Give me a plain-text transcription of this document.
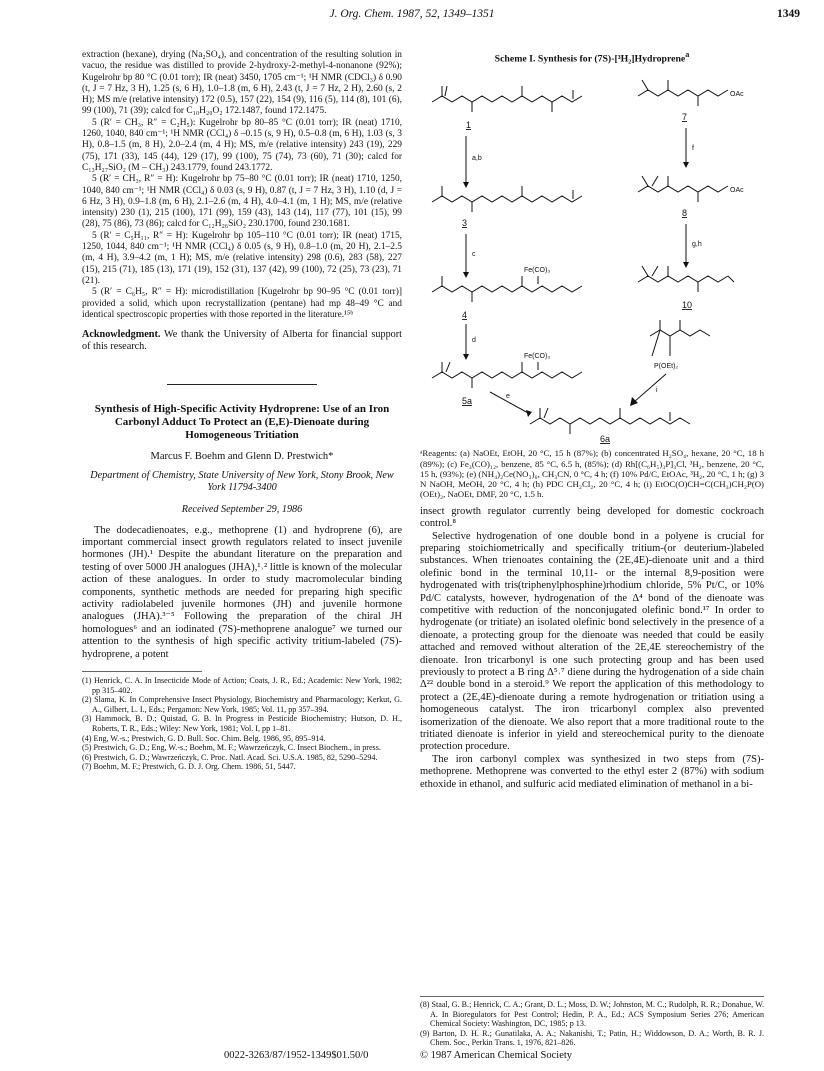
J. Org. Chem. 1987, 52, 1349–1351	1349
extraction (hexane), drying (Na₂SO₄), and concentration of the resulting solution in vacuo, the residue was distilled to provide 2-hydroxy-2-methyl-4-nonanone (92%); Kugelrohr bp 80 °C (0.01 torr); IR (neat) 3450, 1705 cm⁻¹; ¹H NMR (CDCl₃) δ 0.90 (t, J = 7 Hz, 3 H), 1.25 (s, 6 H), 1.0–1.8 (m, 6 H), 2.43 (t, J = 7 Hz, 2 H), 2.60 (s, 2 H); MS m/e (relative intensity) 172 (0.5), 157 (22), 154 (9), 116 (5), 114 (8), 101 (6), 99 (100), 71 (39); calcd for C₁₀H₂₀O₂ 172.1487, found 172.1475.
5 (R′ = CH₃, R″ = C₂H₅): Kugelrohr bp 80–85 °C (0.01 torr); IR (neat) 1710, 1260, 1040, 840 cm⁻¹; ¹H NMR (CCl₄) δ –0.15 (s, 9 H), 0.5–0.8 (m, 6 H), 1.03 (s, 3 H), 0.8–1.5 (m, 8 H), 2.0–2.4 (m, 4 H); MS, m/e (relative intensity) 243 (19), 229 (75), 171 (33), 145 (44), 129 (17), 99 (100), 75 (74), 73 (60), 71 (30); calcd for C₁₃H₂₇SiO₂ (M – CH₃) 243.1779, found 243.1772.
5 (R′ = CH₃, R″ = H): Kugelrohr bp 75–80 °C (0.01 torr); IR (neat) 1710, 1250, 1040, 840 cm⁻¹; ¹H NMR (CCl₄) δ 0.03 (s, 9 H), 0.87 (t, J = 7 Hz, 3 H), 1.10 (d, J = 6 Hz, 3 H), 0.9–1.8 (m, 6 H), 2.1–2.6 (m, 4 H), 4.0–4.1 (m, 1 H); MS, m/e (relative intensity) 230 (1), 215 (100), 171 (99), 159 (43), 143 (14), 117 (77), 101 (15), 99 (28), 75 (86), 73 (86); calcd for C₁₂H₂₆SiO₂ 230.1700, found 230.1681.
5 (R′ = C₅H₁₁, R″ = H): Kugelrohr bp 105–110 °C (0.01 torr); IR (neat) 1715, 1250, 1044, 840 cm⁻¹; ¹H NMR (CCl₄) δ 0.05 (s, 9 H), 0.8–1.0 (m, 20 H), 2.1–2.5 (m, 4 H), 3.9–4.2 (m, 1 H); MS, m/e (relative intensity) 298 (0.6), 283 (58), 227 (15), 215 (71), 185 (13), 171 (19), 152 (31), 137 (42), 99 (100), 72 (25), 73 (23), 71 (21).
5 (R′ = C₆H₅, R″ = H): microdistillation [Kugelrohr bp 90–95 °C (0.01 torr)] provided a solid, which upon recrystallization (pentane) had mp 48–49 °C and identical spectroscopic properties with those reported in the literature.¹⁵ᵇ
Acknowledgment. We thank the University of Alberta for financial support of this research.
Synthesis of High-Specific Activity Hydroprene: Use of an Iron Carbonyl Adduct To Protect an (E,E)-Dienoate during Homogeneous Tritiation
Marcus F. Boehm and Glenn D. Prestwich*
Department of Chemistry, State University of New York, Stony Brook, New York 11794-3400
Received September 29, 1986
The dodecadienoates, e.g., methoprene (1) and hydroprene (6), are important commercial insect growth regulators related to insect juvenile hormones (JH).¹ Despite the abundant literature on the preparation and testing of over 5000 JH analogues (JHA),¹˒² little is known of the molecular action of these analogues. In order to study macromolecular binding components, synthetic methods are needed for preparing high specific activity radiolabeled juvenile hormones (JH) and juvenile hormone analogues (JHA).³⁻⁵ Following the preparation of the chiral JH homologues⁶ and an iodinated (7S)-methoprene analogue⁷ we turned our attention to the synthesis of high specific activity tritium-labeled (7S)-hydroprene, a potent
(1) Henrick, C. A. In Insecticide Mode of Action; Coats, J. R., Ed.; Academic: New York, 1982; pp 315–402.
(2) Slama, K. In Comprehensive Insect Physiology, Biochemistry and Pharmacology; Kerkut, G. A., Gilbert, L. I., Eds.; Pergamon: New York, 1985; Vol. 11, pp 357–394.
(3) Hammock, B. D.; Quistad, G. B. In Progress in Pesticide Biochemistry; Hutson, D. H., Roberts, T. R., Eds.; Wiley: New York, 1981; Vol. I, pp 1–81.
(4) Eng, W.-s.; Prestwich, G. D. Bull. Soc. Chim. Belg. 1986, 95, 895–914.
(5) Prestwich, G. D.; Eng, W.-s.; Boehm, M. F.; Wawrzeńczyk, C. Insect Biochem., in press.
(6) Prestwich, G. D.; Wawrzeńczyk, C. Proc. Natl. Acad. Sci. U.S.A. 1985, 82, 5290–5294.
(7) Boehm, M. F.; Prestwich, G. D. J. Org. Chem. 1986, 51, 5447.
Scheme I. Synthesis for (7S)-[³H₂]Hydroprene$^a$
1
a,b
OAc
7
f
3
c
OAc
8
g,h
Fe(CO)₃
4
d
10
P(OEt)₂
i
Fe(CO)₃
5a	e
6a
ᵃReagents: (a) NaOEt, EtOH, 20 °C, 15 h (87%); (b) concentrated H₂SO₄, hexane, 20 °C, 18 h (89%); (c) Fe₃(CO)₁₂, benzene, 85 °C, 6.5 h, (85%); (d) Rh[(C₆H₅)₃P]₃Cl, ³H₂, benzene, 20 °C, 15 h, (93%); (e) (NH₄)₂Ce(NO₃)₆, CH₃CN, 0 °C, 4 h; (f) 10% Pd/C, EtOAc, ³H₂, 20 °C, 1 h; (g) 3 N NaOH, MeOH, 20 °C, 4 h; (h) PDC CH₂Cl₂, 20 °C, 4 h; (i) EtOC(O)CH=C(CH₃)CH₂P(O)(OEt)₂, NaOEt, DMF, 20 °C, 1.5 h.
insect growth regulator currently being developed for domestic cockroach control.⁸
Selective hydrogenation of one double bond in a polyene is crucial for preparing stoichiometrically and specifically tritium-(or deuterium-)labeled substances. When trienoates containing the (2E,4E)-dienoate unit and a third olefinic bond in the terminal 10,11- or the internal 8,9-position were hydrogenated with tris(triphenylphosphine)rhodium chloride, 5% Pt/C, or 10% Pd/C catalysts, however, hydrogenation of the Δ⁴ bond of the dienoate was competitive with reduction of the nonconjugated olefinic bond.¹⁷ In order to hydrogenate (or tritiate) an isolated olefinic bond selectively in the presence of a dienoate, a protecting group for the dienoate was needed that could be easily attached and removed without alteration of the 2E,4E stereochemistry of the dienoate. Iron tricarbonyl is one such protecting group and has been used previously to protect a B ring Δ⁵˒⁷ diene during the hydrogenation of a side chain Δ²² double bond in a steroid.⁹ We report the application of this methodology to protect a (2E,4E)-dienoate during a remote hydrogenation or tritiation using a homogeneous catalyst. The iron tricarbonyl complex also prevented isomerization of the dienoate. We also report that a more traditional route to the tritiated dienoate is inferior in yield and stereochemical purity to the dienoate protection procedure.
The iron carbonyl complex was synthesized in two steps from (7S)-methoprene. Methoprene was converted to the ethyl ester 2 (87%) with sodium ethoxide in ethanol, and sulfuric acid mediated elimination of methanol in a bi-
(8) Staal, G. B.; Henrick, C. A.; Grant, D. L.; Moss, D. W.; Johnston, M. C.; Rudolph, R. R.; Donahue, W. A. In Bioregulators for Pest Control; Hedin, P. A., Ed.; ACS Symposium Series 276; American Chemical Society: Washington, DC, 1985; p 13.
(9) Barton, D. H. R.; Gunatilaka, A. A.; Nakanishi, T.; Patin, H.; Widdowson, D. A.; Worth, B. R. J. Chem. Soc., Perkin Trans. 1, 1976, 821–826.
0022-3263/87/1952-1349$01.50/0	© 1987 American Chemical Society
